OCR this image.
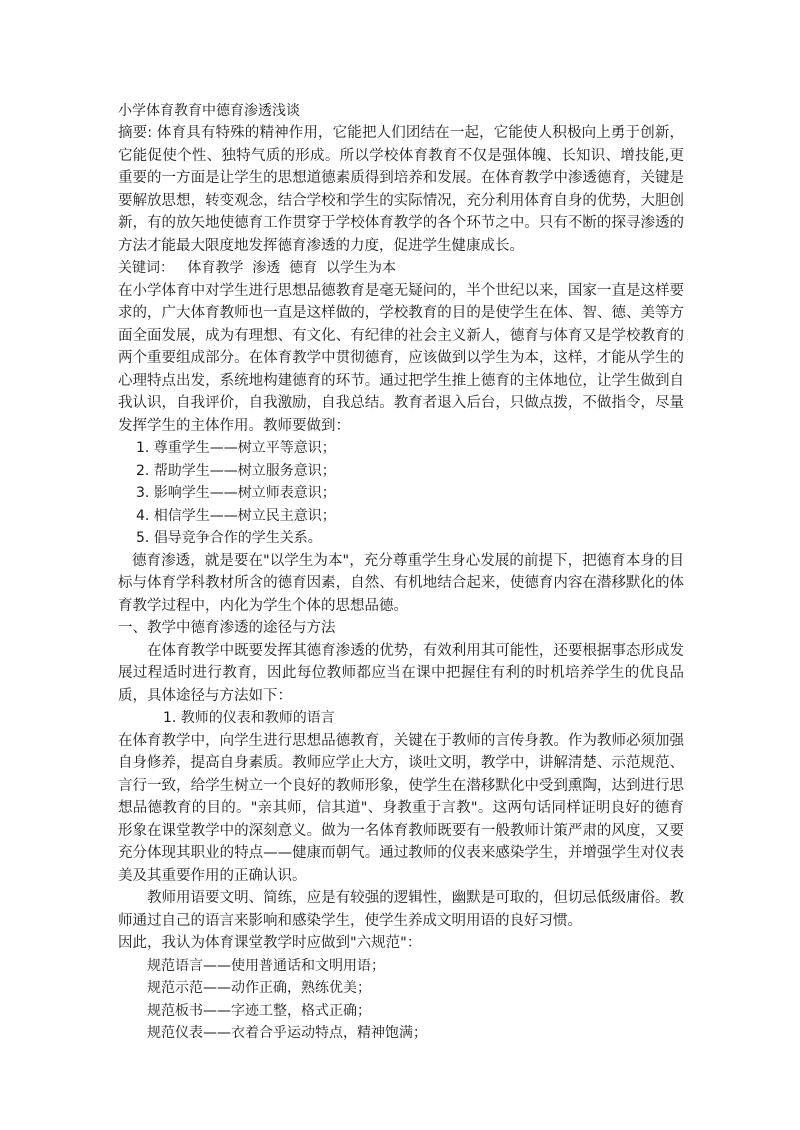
小学体育教育中德育渗透浅谈

摘要: 体育具有特殊的精神作用，它能把人们团结在一起，它能使人积极向上勇于创新，它能促使个性、独特气质的形成。所以学校体育教育不仅是强体魄、长知识、增技能,更重要的一方面是让学生的思想道德素质得到培养和发展。在体育教学中渗透德育，关键是要解放思想，转变观念，结合学校和学生的实际情况，充分利用体育自身的优势，大胆创新，有的放矢地使德育工作贯穿于学校体育教学的各个环节之中。只有不断的探寻渗透的方法才能最大限度地发挥德育渗透的力度，促进学生健康成长。

关键词：   体育教学  渗透  德育  以学生为本

在小学体育中对学生进行思想品德教育是毫无疑问的，半个世纪以来，国家一直是这样要求的，广大体育教师也一直是这样做的，学校教育的目的是使学生在体、智、德、美等方面全面发展，成为有理想、有文化、有纪律的社会主义新人，德育与体育又是学校教育的两个重要组成部分。在体育教学中贯彻德育，应该做到以学生为本，这样，才能从学生的心理特点出发，系统地构建德育的环节。通过把学生推上德育的主体地位，让学生做到自我认识，自我评价，自我激励，自我总结。教育者退入后台，只做点拨，不做指令，尽量发挥学生的主体作用。教师要做到：

1. 尊重学生——树立平等意识；

2. 帮助学生——树立服务意识；

3. 影响学生——树立师表意识；

4. 相信学生——树立民主意识；

5. 倡导竞争合作的学生关系。

德育渗透，就是要在"以学生为本"，充分尊重学生身心发展的前提下，把德育本身的目标与体育学科教材所含的德育因素，自然、有机地结合起来，使德育内容在潜移默化的体育教学过程中，内化为学生个体的思想品德。

一、教学中德育渗透的途径与方法

在体育教学中既要发挥其德育渗透的优势，有效利用其可能性，还要根据事态形成发展过程适时进行教育，因此每位教师都应当在课中把握住有利的时机培养学生的优良品质，具体途径与方法如下：

1. 教师的仪表和教师的语言

在体育教学中，向学生进行思想品德教育，关键在于教师的言传身教。作为教师必须加强自身修养，提高自身素质。教师应学止大方，谈吐文明，教学中，讲解清楚、示范规范、言行一致，给学生树立一个良好的教师形象，使学生在潜移默化中受到熏陶，达到进行思想品德教育的目的。"亲其师，信其道"、身教重于言教"。这两句话同样证明良好的德育形象在课堂教学中的深刻意义。做为一名体育教师既要有一般教师计策严肃的风度，又要充分体现其职业的特点——健康而朝气。通过教师的仪表来感染学生，并增强学生对仪表美及其重要作用的正确认识。

教师用语要文明、简练，应是有较强的逻辑性，幽默是可取的，但切忌低级庸俗。教师通过自己的语言来影响和感染学生，使学生养成文明用语的良好习惯。

因此，我认为体育课堂教学时应做到"六规范"：

规范语言——使用普通话和文明用语；

规范示范——动作正确，熟练优美；

规范板书——字迹工整，格式正确；

规范仪表——衣着合乎运动特点，精神饱满；
